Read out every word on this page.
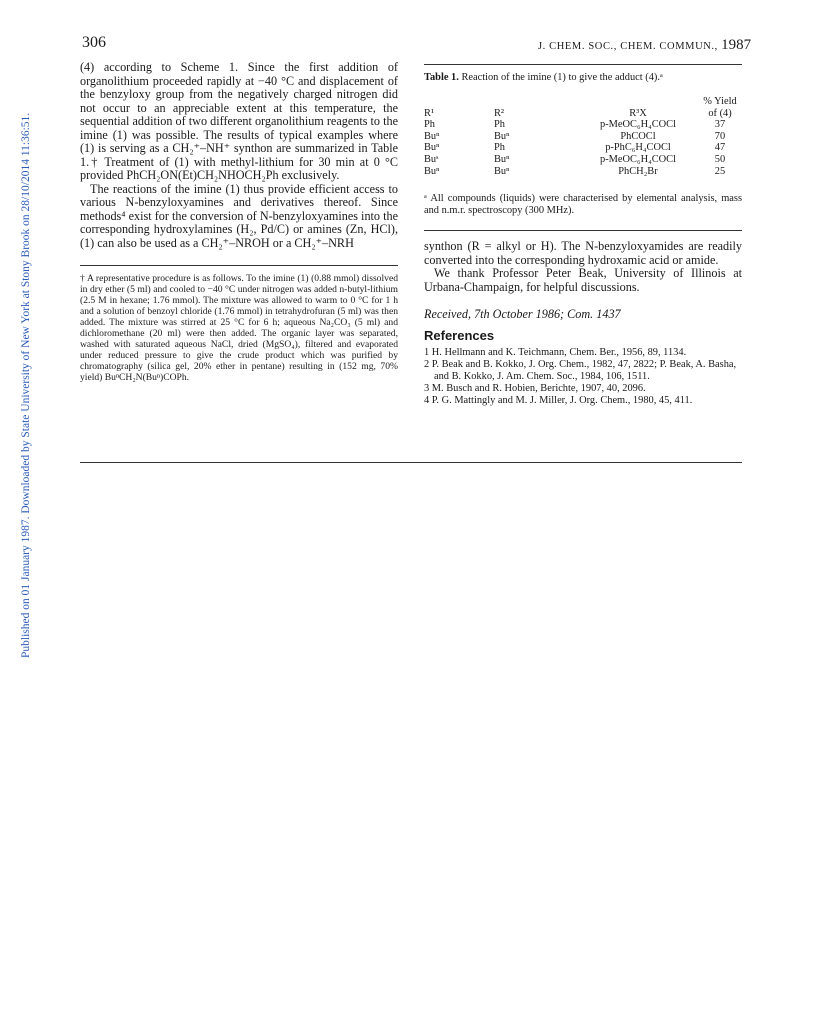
Published on 01 January 1987. Downloaded by State University of New York at Stony Brook on 28/10/2014 11:36:51.
306	J. CHEM. SOC., CHEM. COMMUN., 1987

(4) according to Scheme 1. Since the first addition of organolithium proceeded rapidly at −40 °C and displacement of the benzyloxy group from the negatively charged nitrogen did not occur to an appreciable extent at this temperature, the sequential addition of two different organolithium reagents to the imine (1) was possible. The results of typical examples where (1) is serving as a CH₂⁺–NH⁺ synthon are summarized in Table 1.† Treatment of (1) with methyl-lithium for 30 min at 0 °C provided PhCH₂ON(Et)CH₂NHOCH₂Ph exclusively.

The reactions of the imine (1) thus provide efficient access to various N-benzyloxyamines and derivatives thereof. Since methods⁴ exist for the conversion of N-benzyloxyamines into the corresponding hydroxylamines (H₂, Pd/C) or amines (Zn, HCl), (1) can also be used as a CH₂⁺–NROH or a CH₂⁺–NRH

† A representative procedure is as follows. To the imine (1) (0.88 mmol) dissolved in dry ether (5 ml) and cooled to −40 °C under nitrogen was added n-butyl-lithium (2.5 M in hexane; 1.76 mmol). The mixture was allowed to warm to 0 °C for 1 h and a solution of benzoyl chloride (1.76 mmol) in tetrahydrofuran (5 ml) was then added. The mixture was stirred at 25 °C for 6 h; aqueous Na₂CO₃ (5 ml) and dichloromethane (20 ml) were then added. The organic layer was separated, washed with saturated aqueous NaCl, dried (MgSO₄), filtered and evaporated under reduced pressure to give the crude product which was purified by chromatography (silica gel, 20% ether in pentane) resulting in (152 mg, 70% yield) BuⁿCH₂N(Buⁿ)COPh.
Table 1. Reaction of the imine (1) to give the adduct (4).ᵃ
			% Yield
R¹	R²	R³X	of (4)
Ph	Ph	p-MeOC₆H₄COCl	37
Buⁿ	Buⁿ	PhCOCl	70
Buⁿ	Ph	p-PhC₆H₄COCl	47
Buˢ	Buⁿ	p-MeOC₆H₄COCl	50
Buⁿ	Buⁿ	PhCH₂Br	25
ᵃ All compounds (liquids) were characterised by elemental analysis, mass and n.m.r. spectroscopy (300 MHz).

synthon (R = alkyl or H). The N-benzyloxyamides are readily converted into the corresponding hydroxamic acid or amide.

We thank Professor Peter Beak, University of Illinois at Urbana-Champaign, for helpful discussions.

Received, 7th October 1986; Com. 1437
References
1 H. Hellmann and K. Teichmann, Chem. Ber., 1956, 89, 1134.
2 P. Beak and B. Kokko, J. Org. Chem., 1982, 47, 2822; P. Beak, A. Basha, and B. Kokko, J. Am. Chem. Soc., 1984, 106, 1511.
3 M. Busch and R. Hobien, Berichte, 1907, 40, 2096.
4 P. G. Mattingly and M. J. Miller, J. Org. Chem., 1980, 45, 411.
